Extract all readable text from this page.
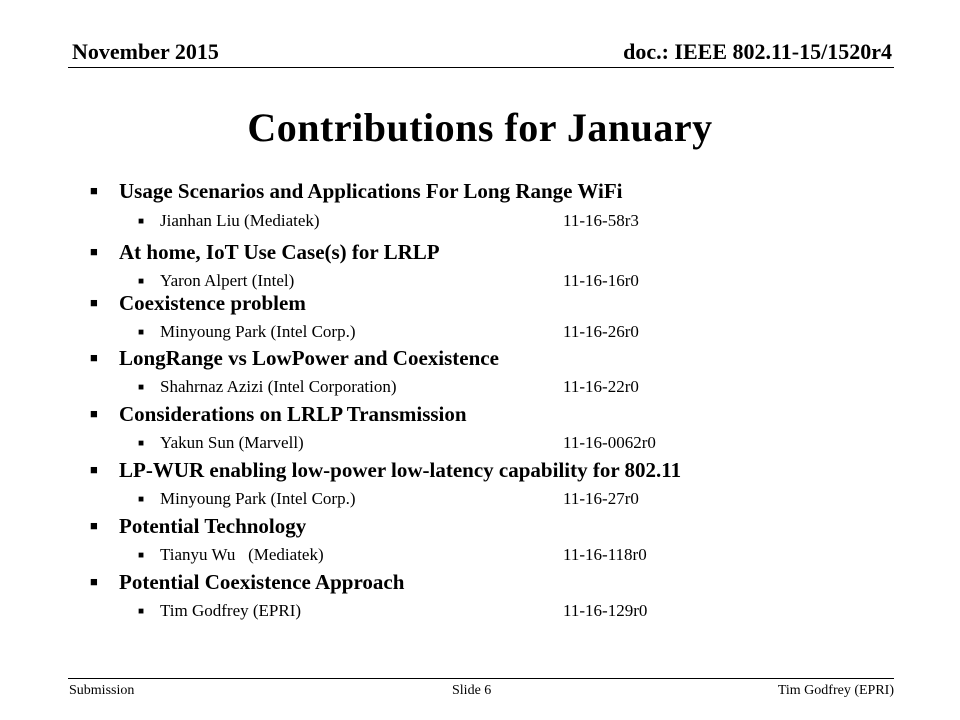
November 2015	doc.: IEEE 802.11-15/1520r4
Contributions for January
■ Usage Scenarios and Applications For Long Range WiFi
■ Jianhan Liu (Mediatek)	11-16-58r3
■ At home, IoT Use Case(s) for LRLP
■ Yaron Alpert (Intel)	11-16-16r0
■ Coexistence problem
■ Minyoung Park (Intel Corp.)	11-16-26r0
■ LongRange vs LowPower and Coexistence
■ Shahrnaz Azizi (Intel Corporation)	11-16-22r0
■ Considerations on LRLP Transmission
■ Yakun Sun (Marvell)	11-16-0062r0
■ LP-WUR enabling low-power low-latency capability for 802.11
■ Minyoung Park (Intel Corp.)	11-16-27r0
■ Potential Technology
■ Tianyu Wu   (Mediatek)	11-16-118r0
■ Potential Coexistence Approach
■ Tim Godfrey (EPRI)	11-16-129r0
Submission	Slide 6	Tim Godfrey (EPRI)
